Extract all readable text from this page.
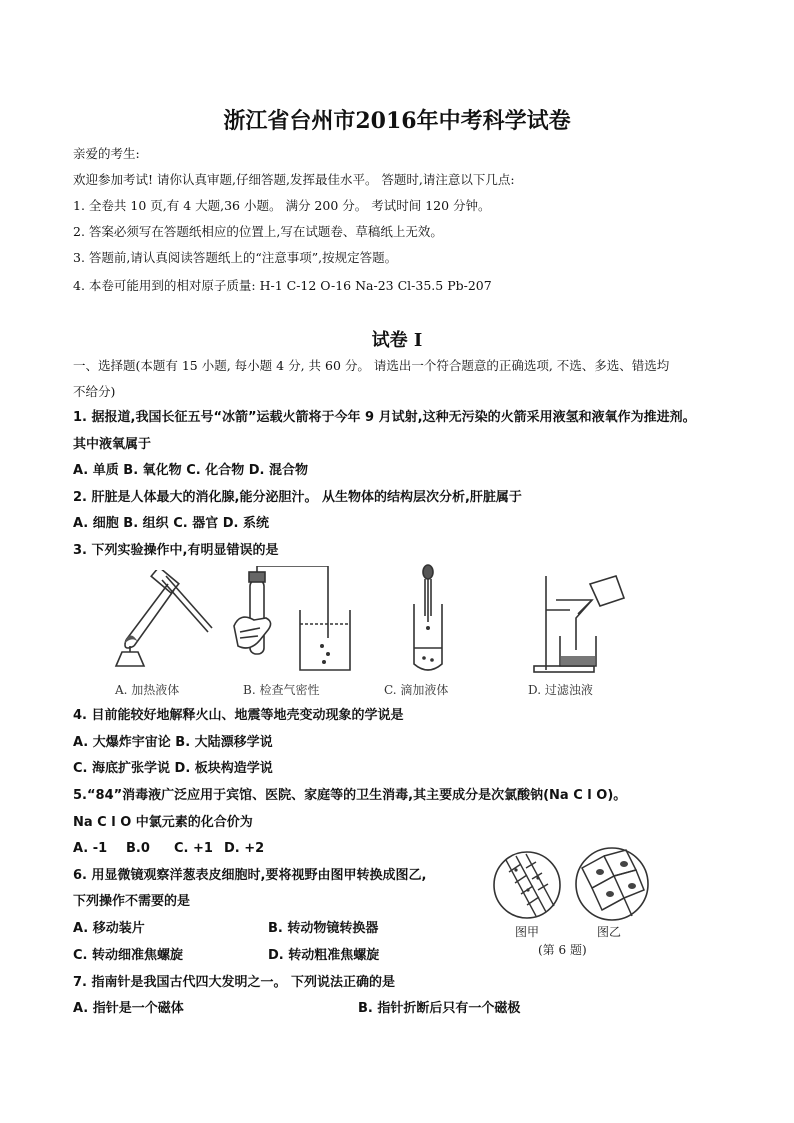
浙江省台州市2016年中考科学试卷
亲爱的考生:
欢迎参加考试! 请你认真审题,仔细答题,发挥最佳水平。 答题时,请注意以下几点:
1. 全卷共 10 页,有 4 大题,36 小题。 满分 200 分。 考试时间 120 分钟。
2. 答案必须写在答题纸相应的位置上,写在试题卷、草稿纸上无效。
3. 答题前,请认真阅读答题纸上的“注意事项”,按规定答题。
4. 本卷可能用到的相对原子质量: H-1 C-12 O-16 Na-23 Cl-35.5 Pb-207
试卷 I
一、选择题(本题有 15 小题, 每小题 4 分, 共 60 分。 请选出一个符合题意的正确选项, 不选、多选、错选均
不给分)
1. 据报道,我国长征五号“冰箭”运载火箭将于今年 9 月试射,这种无污染的火箭采用液氢和液氧作为推进剂。
其中液氧属于
A. 单质 B. 氧化物 C. 化合物 D. 混合物
2. 肝脏是人体最大的消化腺,能分泌胆汁。 从生物体的结构层次分析,肝脏属于
A. 细胞 B. 组织 C. 器官 D. 系统
3. 下列实验操作中,有明显错误的是
A. 加热液体	B. 检查气密性	C. 滴加液体	D. 过滤浊液
4. 目前能较好地解释火山、地震等地壳变动现象的学说是
A. 大爆炸宇宙论 B. 大陆漂移学说
C. 海底扩张学说 D. 板块构造学说
5.“84”消毒液广泛应用于宾馆、医院、家庭等的卫生消毒,其主要成分是次氯酸钠(Na C l O)。
Na C l O 中氯元素的化合价为
A. -1 B.0 C. +1 D. +2
6. 用显微镜观察洋葱表皮细胞时,要将视野由图甲转换成图乙,
下列操作不需要的是
A. 移动装片	B. 转动物镜转换器
C. 转动细准焦螺旋	D. 转动粗准焦螺旋
图甲	图乙
(第 6 题)
7. 指南针是我国古代四大发明之一。 下列说法正确的是
A. 指针是一个磁体	B. 指针折断后只有一个磁极
